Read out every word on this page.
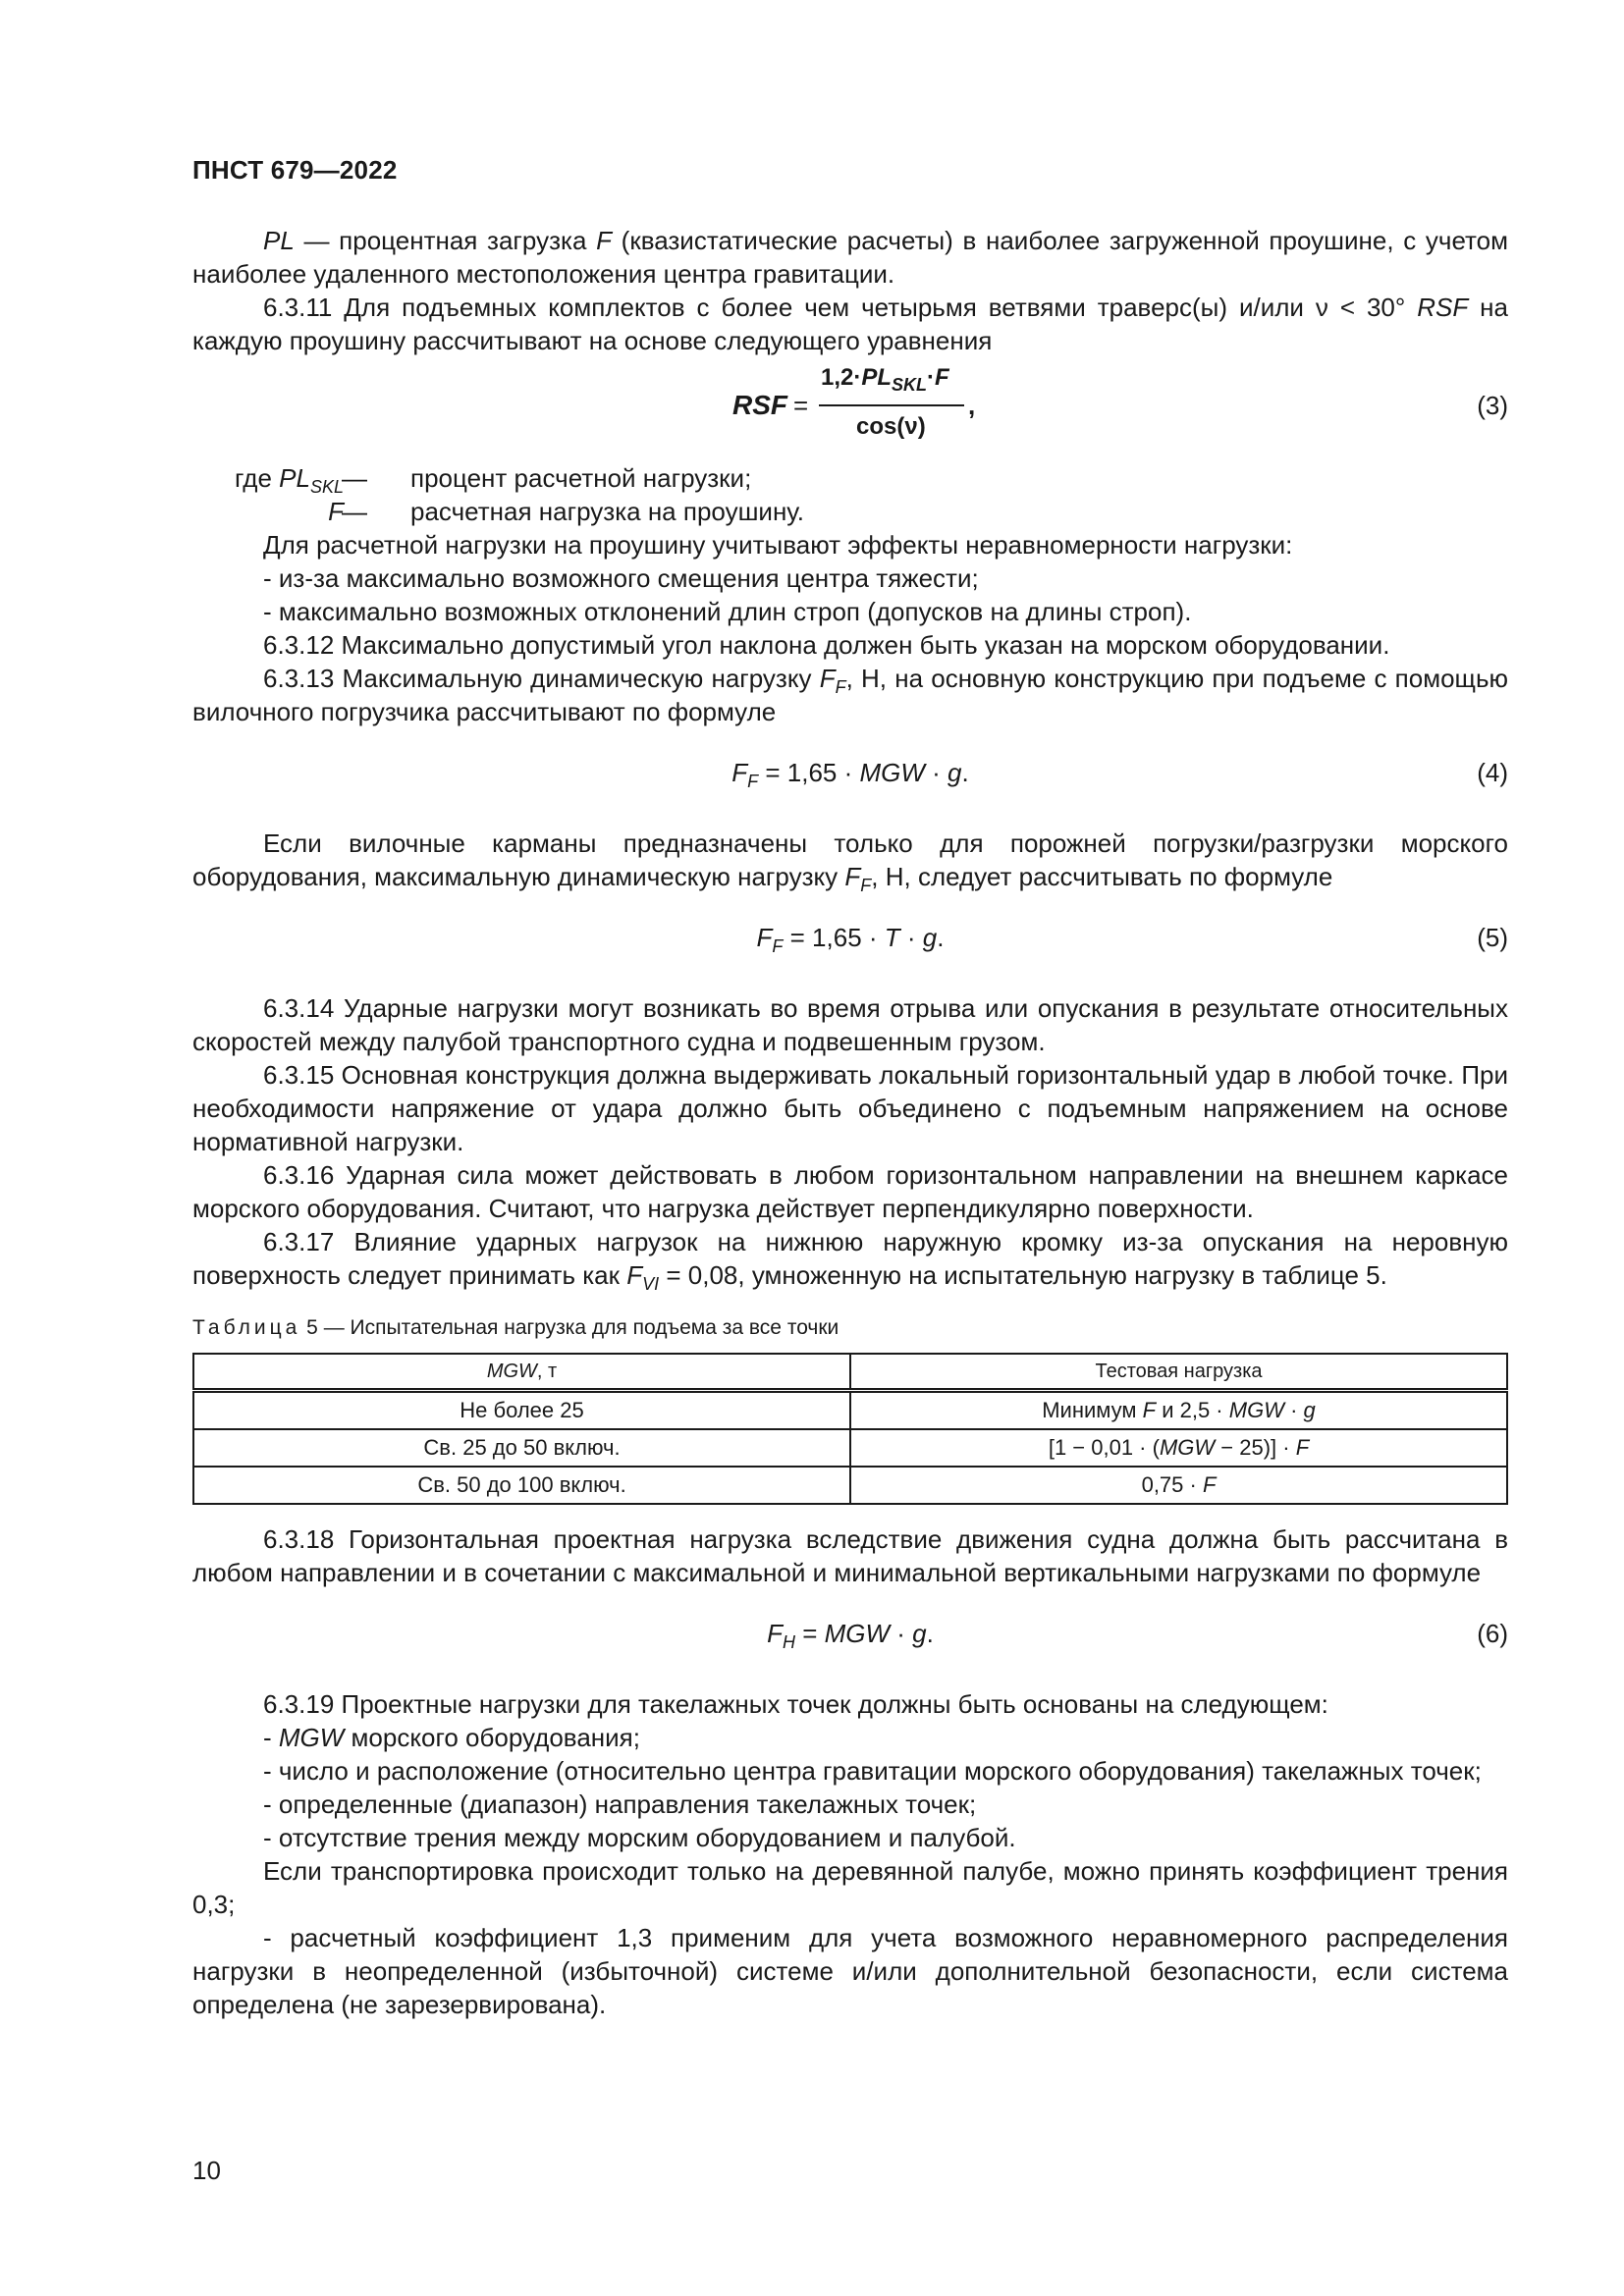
ПНСТ 679—2022

PL — процентная загрузка F (квазистатические расчеты) в наиболее загруженной проушине, с учетом наиболее удаленного местоположения центра гравитации.

6.3.11 Для подъемных комплектов с более чем четырьмя ветвями траверс(ы) и/или ν < 30° RSF на каждую проушину рассчитывают на основе следующего уравнения

RSF =
$1,2\cdot PL_{SKL}\cdot F$
cos(ν)
,	(3)
где $PL_{SKL}$
— процент расчетной нагрузки;
F
— расчетная нагрузка на проушину.

Для расчетной нагрузки на проушину учитывают эффекты неравномерности нагрузки:

- из-за максимально возможного смещения центра тяжести;

- максимально возможных отклонений длин строп (допусков на длины строп).

6.3.12 Максимально допустимый угол наклона должен быть указан на морском оборудовании.

6.3.13 Максимальную динамическую нагрузку $F_F$, Н, на основную конструкцию при подъеме с помощью вилочного погрузчика рассчитывают по формуле

$F_F = 1,65$ · MGW · g.	(4)

Если вилочные карманы предназначены только для порожней погрузки/разгрузки морского оборудования, максимальную динамическую нагрузку $F_F$, Н, следует рассчитывать по формуле

$F_F = 1,65 \cdot T \cdot g$.	(5)

6.3.14 Ударные нагрузки могут возникать во время отрыва или опускания в результате относительных скоростей между палубой транспортного судна и подвешенным грузом.

6.3.15 Основная конструкция должна выдерживать локальный горизонтальный удар в любой точке. При необходимости напряжение от удара должно быть объединено с подъемным напряжением на основе нормативной нагрузки.

6.3.16 Ударная сила может действовать в любом горизонтальном направлении на внешнем каркасе морского оборудования. Считают, что нагрузка действует перпендикулярно поверхности.

6.3.17 Влияние ударных нагрузок на нижнюю наружную кромку из-за опускания на неровную поверхность следует принимать как $F_{VI} = 0,08$, умноженную на испытательную нагрузку в таблице 5.

Таблица 5 — Испытательная нагрузка для подъема за все точки

MGW, т	Тестовая нагрузка
Не более 25	Минимум F и 2,5 · MGW · g
Св. 25 до 50 включ.	[1 − 0,01 · (MGW − 25)] · F
Св. 50 до 100 включ.	0,75 · F

6.3.18 Горизонтальная проектная нагрузка вследствие движения судна должна быть рассчитана в любом направлении и в сочетании с максимальной и минимальной вертикальными нагрузками по формуле

$F_H$ = MGW · g.	(6)

6.3.19 Проектные нагрузки для такелажных точек должны быть основаны на следующем:

- MGW морского оборудования;

- число и расположение (относительно центра гравитации морского оборудования) такелажных точек;

- определенные (диапазон) направления такелажных точек;

- отсутствие трения между морским оборудованием и палубой.

Если транспортировка происходит только на деревянной палубе, можно принять коэффициент трения 0,3;

- расчетный коэффициент 1,3 применим для учета возможного неравномерного распределения нагрузки в неопределенной (избыточной) системе и/или дополнительной безопасности, если система определена (не зарезервирована).

10
